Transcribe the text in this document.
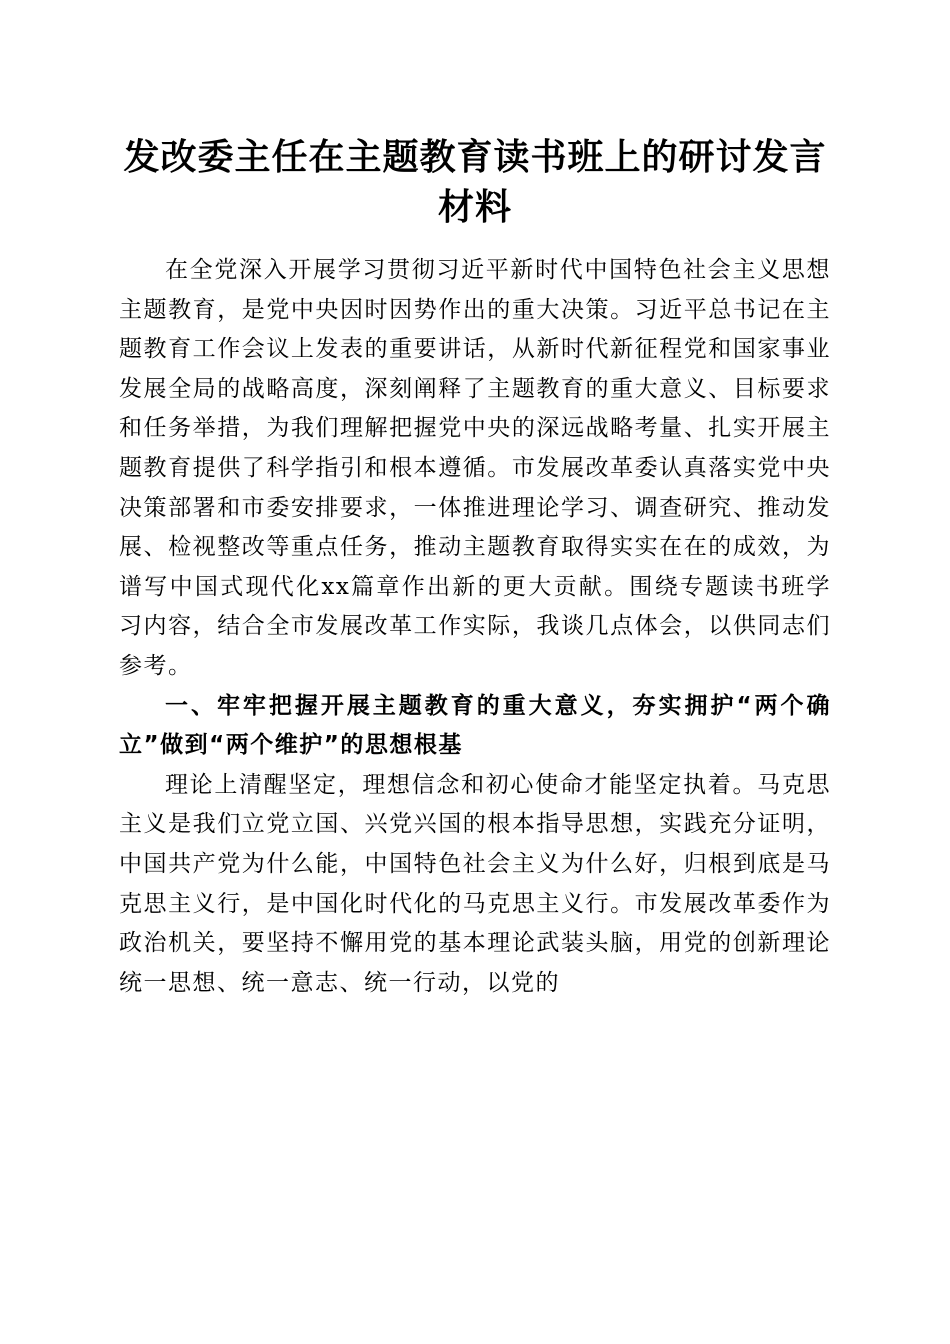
发改委主任在主题教育读书班上的研讨发言材料

在全党深入开展学习贯彻习近平新时代中国特色社会主义思想主题教育，是党中央因时因势作出的重大决策。习近平总书记在主题教育工作会议上发表的重要讲话，从新时代新征程党和国家事业发展全局的战略高度，深刻阐释了主题教育的重大意义、目标要求和任务举措，为我们理解把握党中央的深远战略考量、扎实开展主题教育提供了科学指引和根本遵循。市发展改革委认真落实党中央决策部署和市委安排要求，一体推进理论学习、调查研究、推动发展、检视整改等重点任务，推动主题教育取得实实在在的成效，为谱写中国式现代化xx篇章作出新的更大贡献。围绕专题读书班学习内容，结合全市发展改革工作实际，我谈几点体会，以供同志们参考。

一、牢牢把握开展主题教育的重大意义，夯实拥护“两个确立”做到“两个维护”的思想根基

理论上清醒坚定，理想信念和初心使命才能坚定执着。马克思主义是我们立党立国、兴党兴国的根本指导思想，实践充分证明，中国共产党为什么能，中国特色社会主义为什么好，归根到底是马克思主义行，是中国化时代化的马克思主义行。市发展改革委作为政治机关，要坚持不懈用党的基本理论武装头脑，用党的创新理论统一思想、统一意志、统一行动，以党的
